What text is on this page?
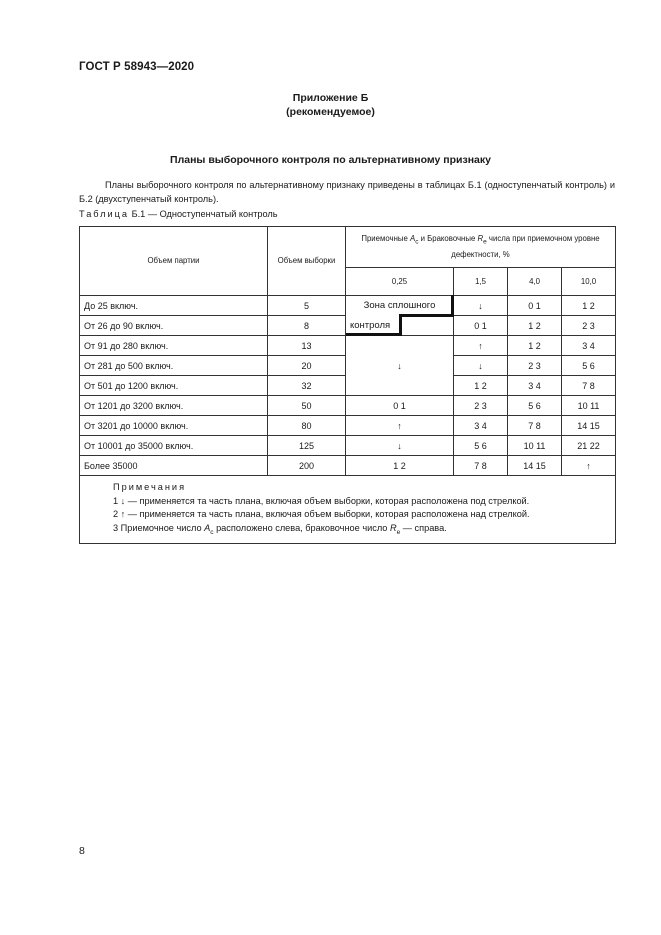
ГОСТ Р 58943—2020
Приложение Б
(рекомендуемое)
Планы выборочного контроля по альтернативному признаку
Планы выборочного контроля по альтернативному признаку приведены в таблицах Б.1 (одноступенчатый контроль) и Б.2 (двухступенчатый контроль).
Таблица Б.1 — Одноступенчатый контроль
Объем партии	Объем выборки	Приемочные $A_c$ и Браковочные $R_e$ числа при приемочном уровне дефектности, %			
		0,25	1,5	4,0	10,0
До 25 включ.	5	Зона сплошного	↓	0 1	1 2
От 26 до 90 включ.	8	контроля	0 1	1 2	2 3
От 91 до 280 включ.	13	↓	↑	1 2	3 4
От 281 до 500 включ.	20		↓	2 3	5 6
От 501 до 1200 включ.	32		1 2	3 4	7 8
От 1201 до 3200 включ.	50	0 1	2 3	5 6	10 11
От 3201 до 10000 включ.	80	↑	3 4	7 8	14 15
От 10001 до 35000 включ.	125	↓	5 6	10 11	21 22
Более 35000	200	1 2	7 8	14 15	↑

Примечания
1 ↓ — применяется та часть плана, включая объем выборки, которая расположена под стрелкой.
2 ↑ — применяется та часть плана, включая объем выборки, которая расположена над стрелкой.
3 Приемочное число $A_c$ расположено слева, браковочное число $R_e$ — справа.					
8
